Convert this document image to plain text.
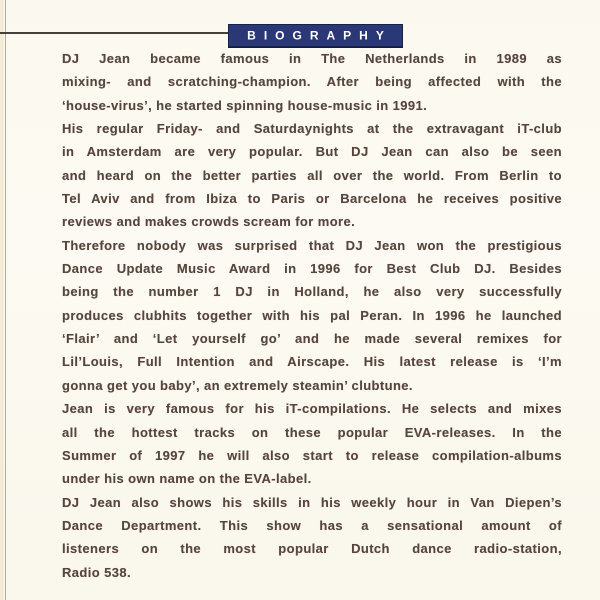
BIOGRAPHY
DJ Jean became famous in The Netherlands in 1989 as
mixing- and scratching-champion. After being affected with the
‘house-virus’, he started spinning house-music in 1991.
His regular Friday- and Saturdaynights at the extravagant iT-club
in Amsterdam are very popular. But DJ Jean can also be seen
and heard on the better parties all over the world. From Berlin to
Tel Aviv and from Ibiza to Paris or Barcelona he receives positive
reviews and makes crowds scream for more.
Therefore nobody was surprised that DJ Jean won the prestigious
Dance Update Music Award in 1996 for Best Club DJ. Besides
being the number 1 DJ in Holland, he also very successfully
produces clubhits together with his pal Peran. In 1996 he launched
‘Flair’ and ‘Let yourself go’ and he made several remixes for
Lil’Louis, Full Intention and Airscape. His latest release is ‘I’m
gonna get you baby’, an extremely steamin’ clubtune.
Jean is very famous for his iT-compilations. He selects and mixes
all the hottest tracks on these popular EVA-releases. In the
Summer of 1997 he will also start to release compilation-albums
under his own name on the EVA-label.
DJ Jean also shows his skills in his weekly hour in Van Diepen’s
Dance Department. This show has a sensational amount of
listeners on the most popular Dutch dance radio-station,
Radio 538.
